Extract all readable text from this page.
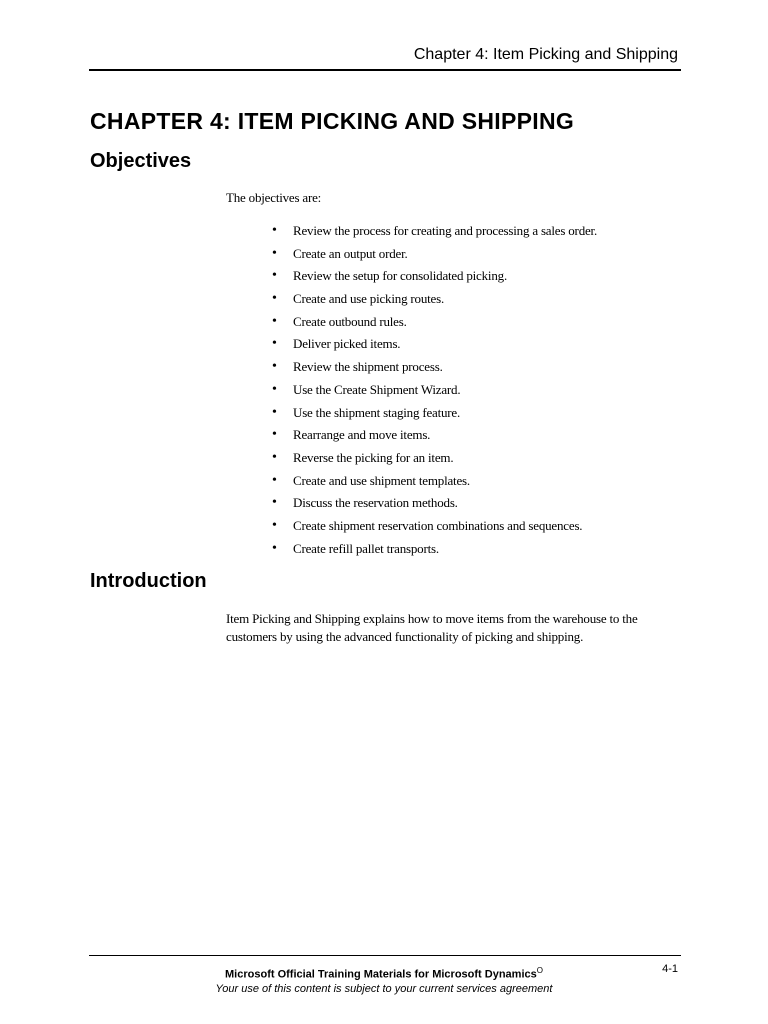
Chapter 4: Item Picking and Shipping
CHAPTER 4: ITEM PICKING AND SHIPPING
Objectives

The objectives are:

• Review the process for creating and processing a sales order.
• Create an output order.
• Review the setup for consolidated picking.
• Create and use picking routes.
• Create outbound rules.
• Deliver picked items.
• Review the shipment process.
• Use the Create Shipment Wizard.
• Use the shipment staging feature.
• Rearrange and move items.
• Reverse the picking for an item.
• Create and use shipment templates.
• Discuss the reservation methods.
• Create shipment reservation combinations and sequences.
• Create refill pallet transports.
Introduction

Item Picking and Shipping explains how to move items from the warehouse to the customers by using the advanced functionality of picking and shipping.

Microsoft Official Training Materials for Microsoft Dynamics$^O$
Your use of this content is subject to your current services agreement
4-1
